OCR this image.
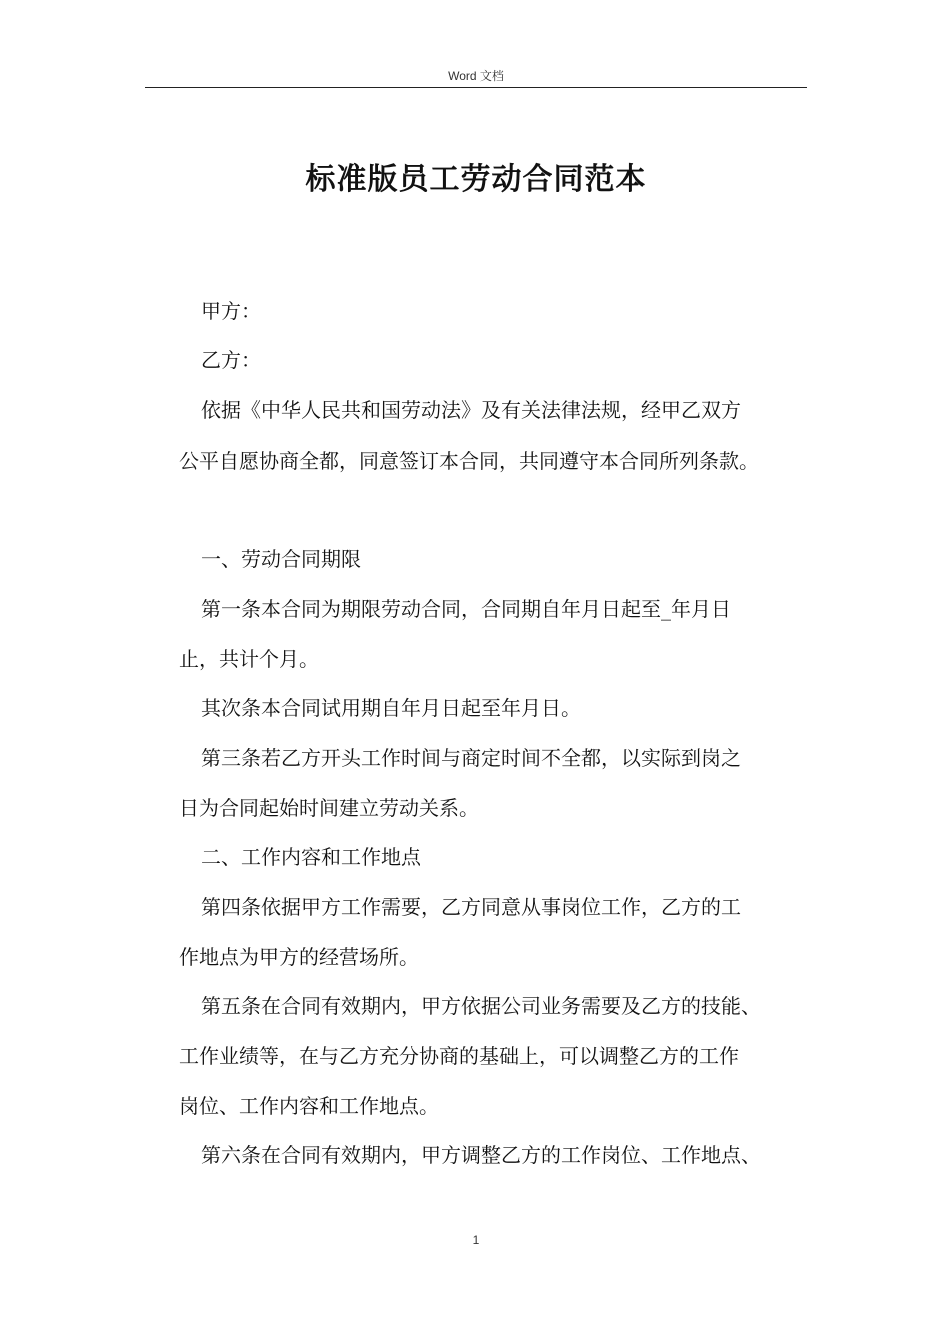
Word 文档
标准版员工劳动合同范本
甲方：
乙方：
依据《中华人民共和国劳动法》及有关法律法规，经甲乙双方
公平自愿协商全都，同意签订本合同，共同遵守本合同所列条款。
一、劳动合同期限
第一条本合同为期限劳动合同，合同期自年月日起至_年月日
止，共计个月。
其次条本合同试用期自年月日起至年月日。
第三条若乙方开头工作时间与商定时间不全都，以实际到岗之
日为合同起始时间建立劳动关系。
二、工作内容和工作地点
第四条依据甲方工作需要，乙方同意从事岗位工作，乙方的工
作地点为甲方的经营场所。
第五条在合同有效期内，甲方依据公司业务需要及乙方的技能、
工作业绩等，在与乙方充分协商的基础上，可以调整乙方的工作
岗位、工作内容和工作地点。
第六条在合同有效期内，甲方调整乙方的工作岗位、工作地点、
1
